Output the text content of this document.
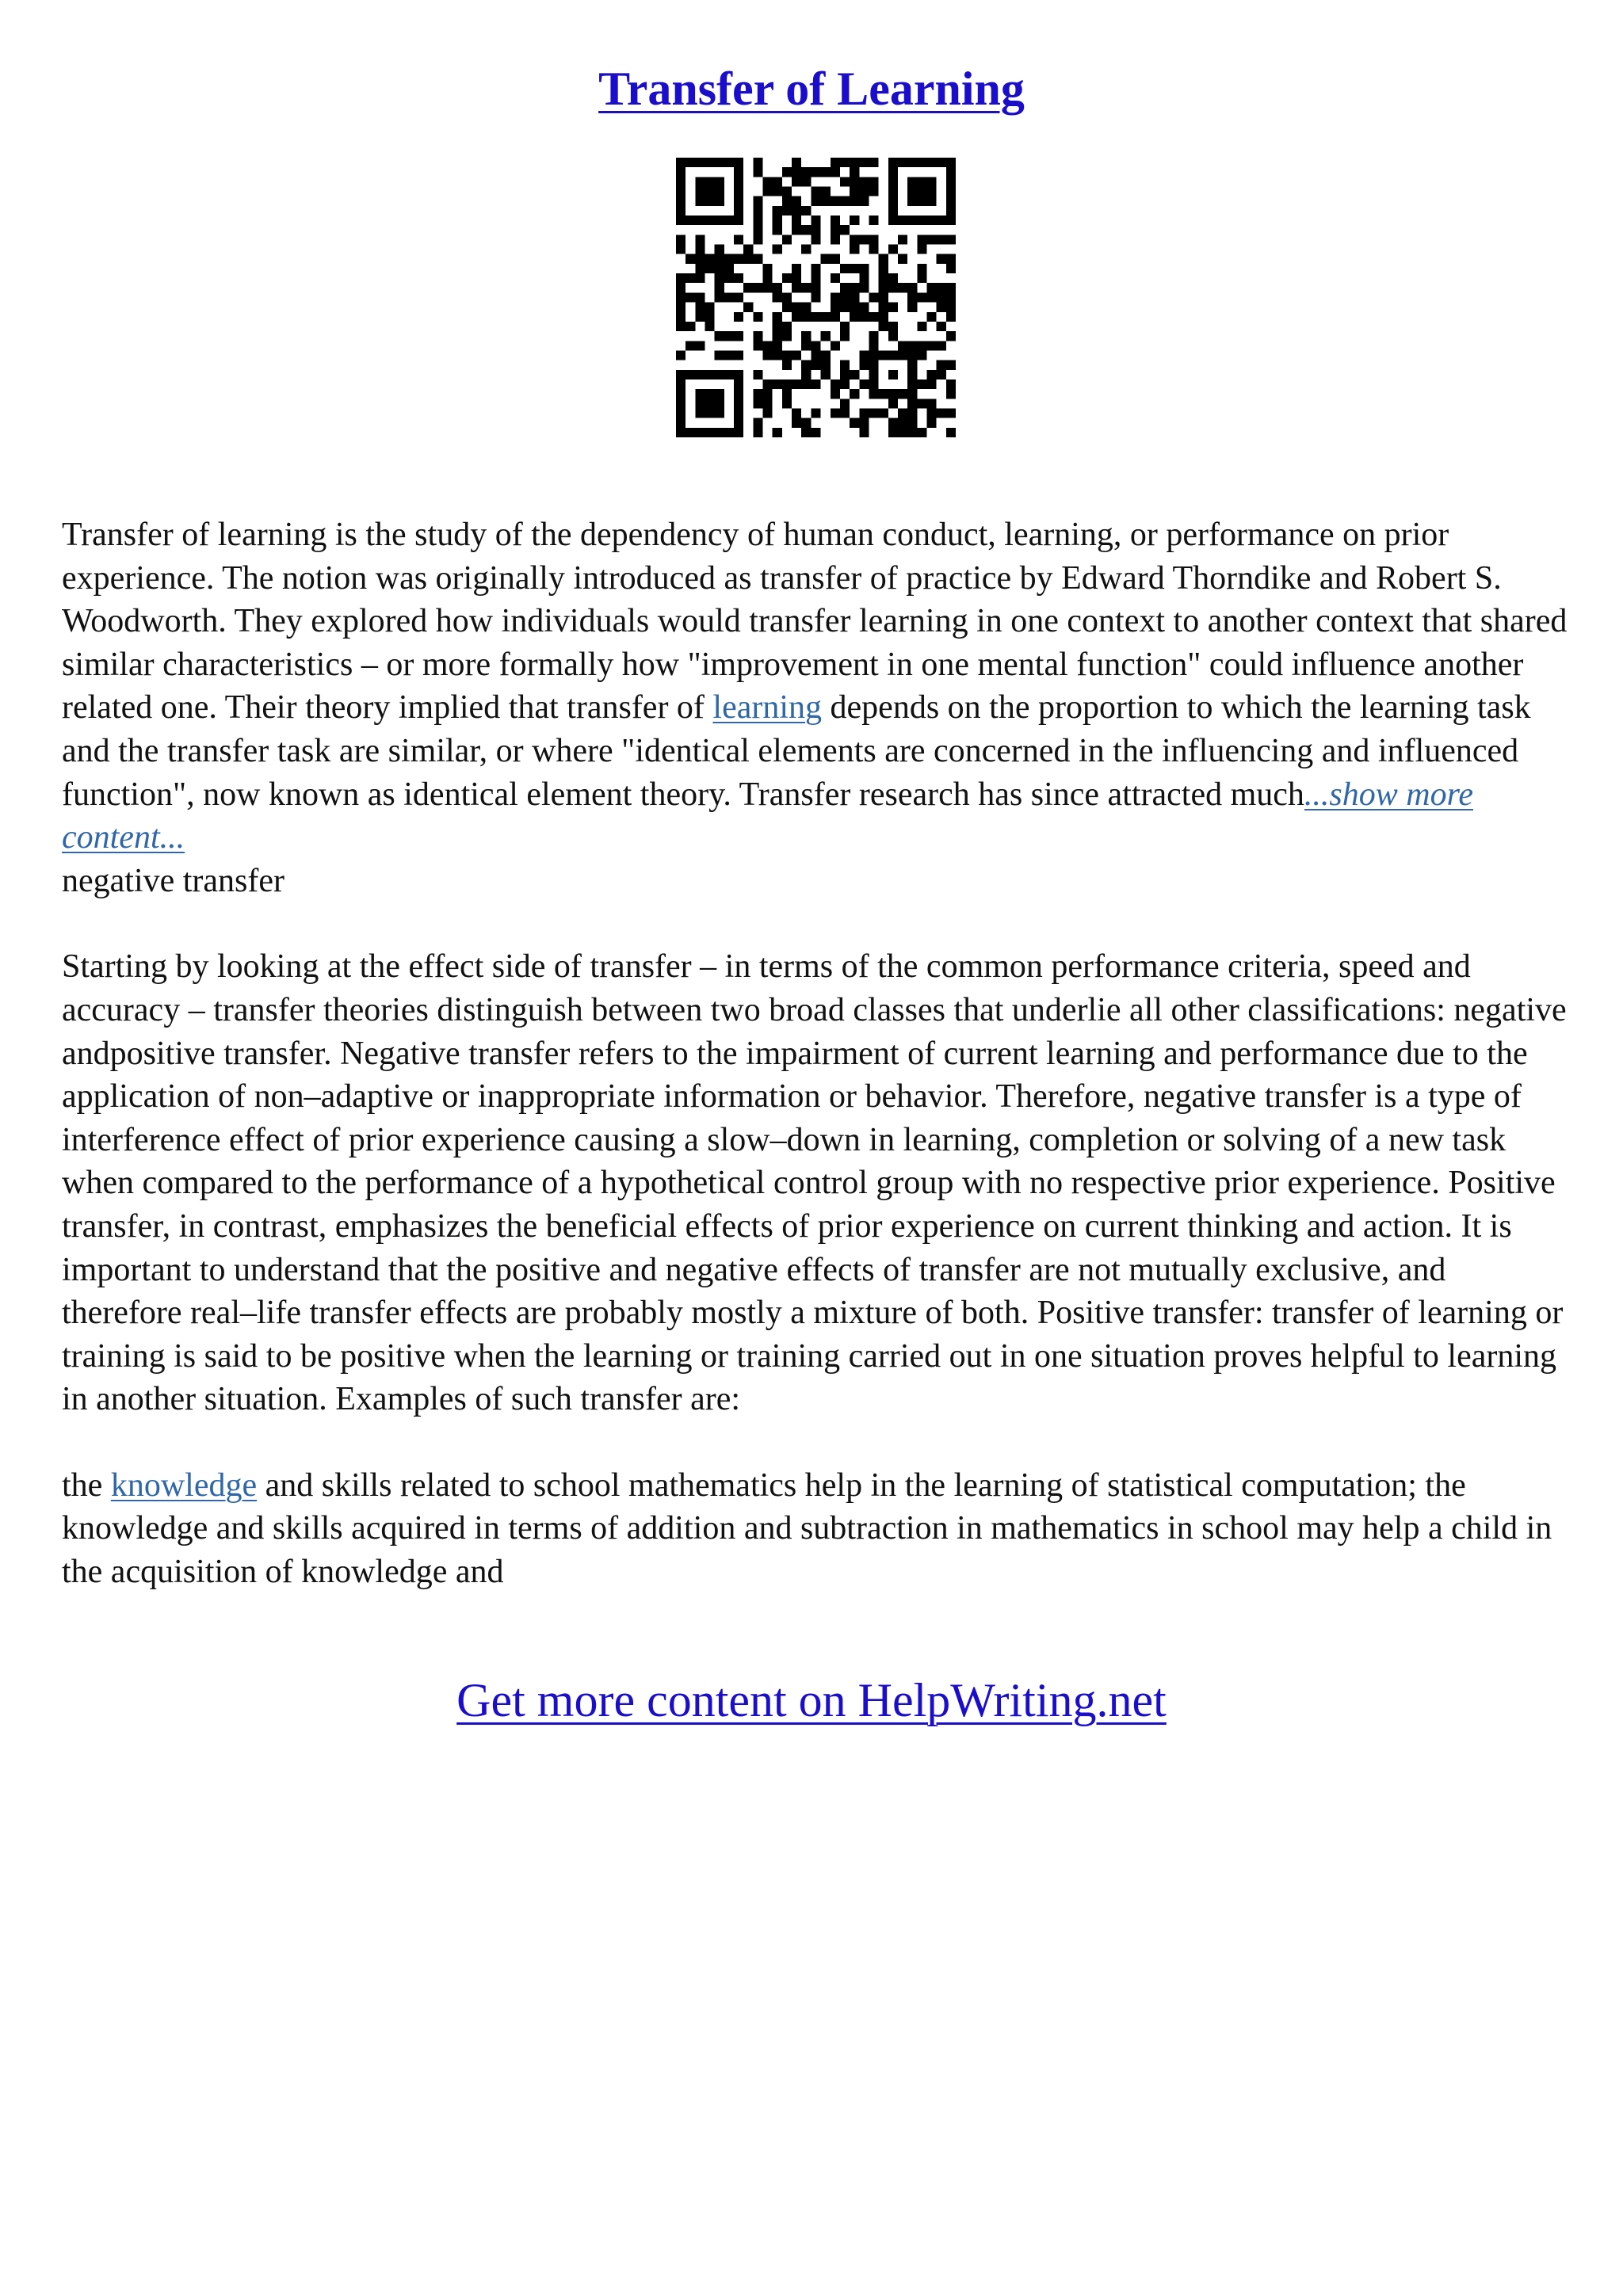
Transfer of Learning

Transfer of learning is the study of the dependency of human conduct, learning, or performance on prior experience. The notion was originally introduced as transfer of practice by Edward Thorndike and Robert S. Woodworth. They explored how individuals would transfer learning in one context to another context that shared similar characteristics – or more formally how "improvement in one mental function" could influence another related one. Their theory implied that transfer of learning depends on the proportion to which the learning task and the transfer task are similar, or where "identical elements are concerned in the influencing and influenced function", now known as identical element theory. Transfer research has since attracted much...show more content...
negative transfer

Starting by looking at the effect side of transfer – in terms of the common performance criteria, speed and accuracy – transfer theories distinguish between two broad classes that underlie all other classifications: negative andpositive transfer. Negative transfer refers to the impairment of current learning and performance due to the application of non–adaptive or inappropriate information or behavior. Therefore, negative transfer is a type of interference effect of prior experience causing a slow–down in learning, completion or solving of a new task when compared to the performance of a hypothetical control group with no respective prior experience. Positive transfer, in contrast, emphasizes the beneficial effects of prior experience on current thinking and action. It is important to understand that the positive and negative effects of transfer are not mutually exclusive, and therefore real–life transfer effects are probably mostly a mixture of both. Positive transfer: transfer of learning or training is said to be positive when the learning or training carried out in one situation proves helpful to learning in another situation. Examples of such transfer are:

the knowledge and skills related to school mathematics help in the learning of statistical computation; the knowledge and skills acquired in terms of addition and subtraction in mathematics in school may help a child in the acquisition of knowledge and

Get more content on HelpWriting.net
